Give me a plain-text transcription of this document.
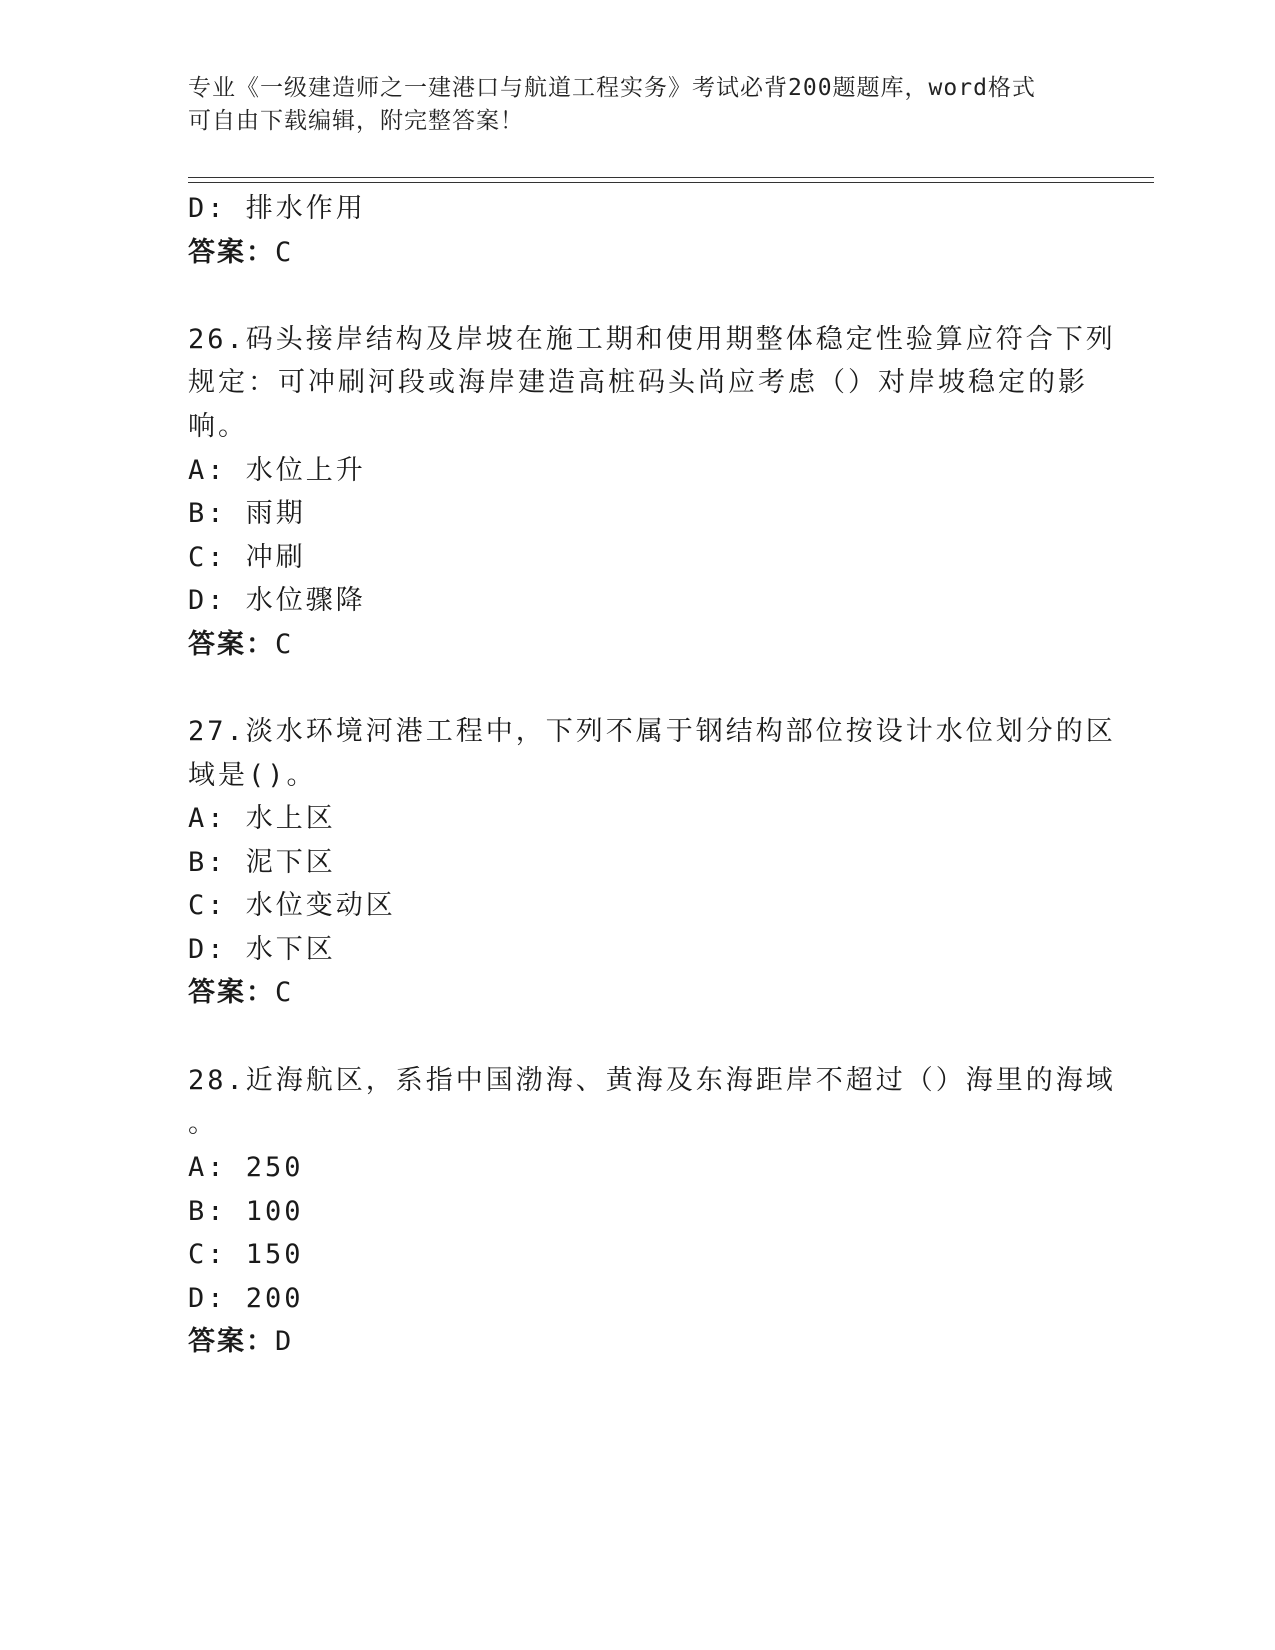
专业《一级建造师之一建港口与航道工程实务》考试必背200题题库，word格式
可自由下载编辑，附完整答案！
D: 排水作用
答案：C
26.码头接岸结构及岸坡在施工期和使用期整体稳定性验算应符合下列
规定：可冲刷河段或海岸建造高桩码头尚应考虑（）对岸坡稳定的影
响。
A: 水位上升
B: 雨期
C: 冲刷
D: 水位骤降
答案：C
27.淡水环境河港工程中，下列不属于钢结构部位按设计水位划分的区
域是()。
A: 水上区
B: 泥下区
C: 水位变动区
D: 水下区
答案：C
28.近海航区，系指中国渤海、黄海及东海距岸不超过（）海里的海域
。
A: 250
B: 100
C: 150
D: 200
答案：D
